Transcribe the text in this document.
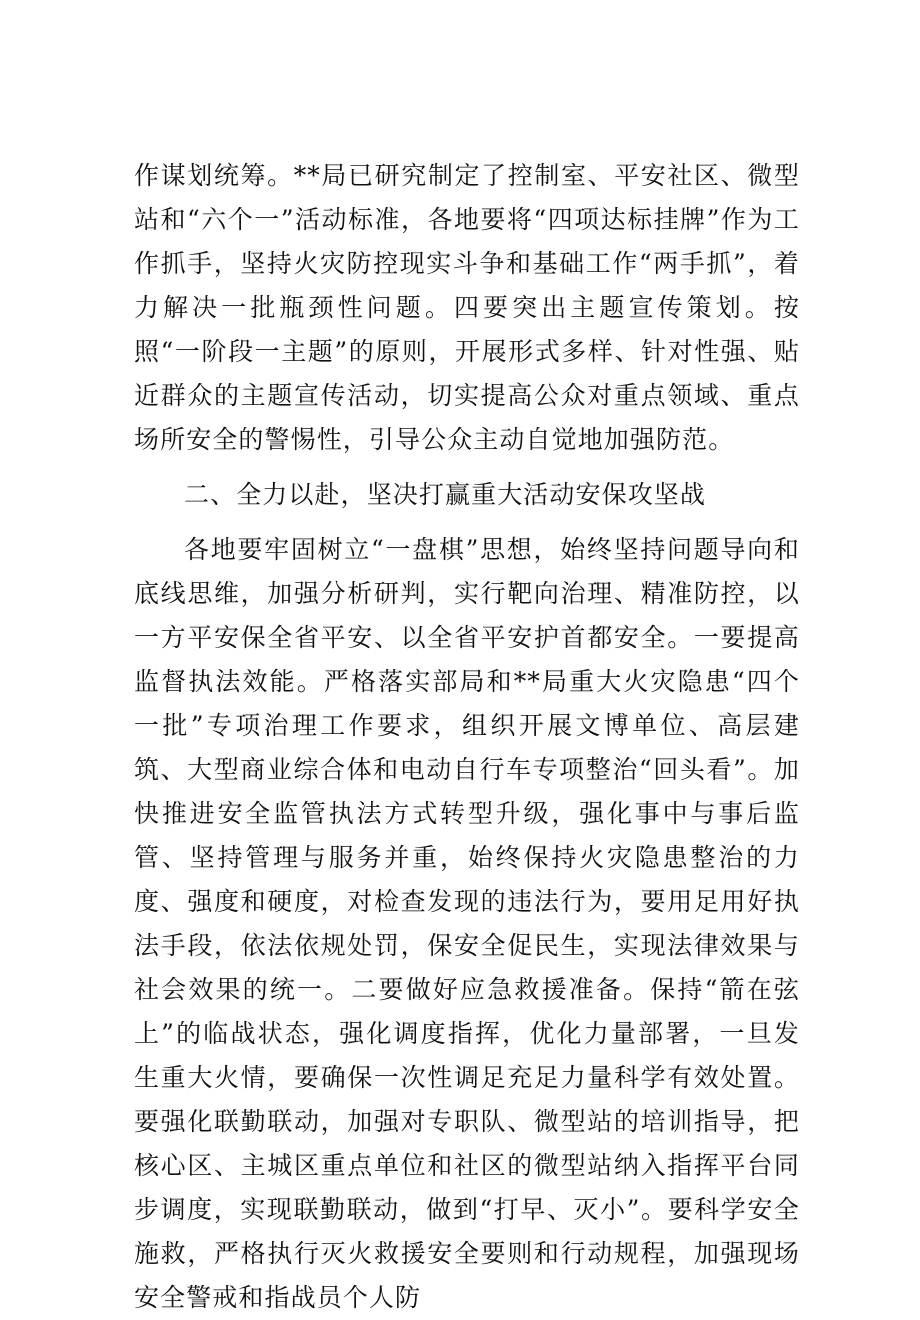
作谋划统筹。**局已研究制定了控制室、平安社区、微型站和“六个一”活动标准，各地要将“四项达标挂牌”作为工作抓手，坚持火灾防控现实斗争和基础工作“两手抓”，着力解决一批瓶颈性问题。四要突出主题宣传策划。按照“一阶段一主题”的原则，开展形式多样、针对性强、贴近群众的主题宣传活动，切实提高公众对重点领域、重点场所安全的警惕性，引导公众主动自觉地加强防范。

二、全力以赴，坚决打赢重大活动安保攻坚战

各地要牢固树立“一盘棋”思想，始终坚持问题导向和底线思维，加强分析研判，实行靶向治理、精准防控，以一方平安保全省平安、以全省平安护首都安全。一要提高监督执法效能。严格落实部局和**局重大火灾隐患“四个一批”专项治理工作要求，组织开展文博单位、高层建筑、大型商业综合体和电动自行车专项整治“回头看”。加快推进安全监管执法方式转型升级，强化事中与事后监管、坚持管理与服务并重，始终保持火灾隐患整治的力度、强度和硬度，对检查发现的违法行为，要用足用好执法手段，依法依规处罚，保安全促民生，实现法律效果与社会效果的统一。二要做好应急救援准备。保持“箭在弦上”的临战状态，强化调度指挥，优化力量部署，一旦发生重大火情，要确保一次性调足充足力量科学有效处置。要强化联勤联动，加强对专职队、微型站的培训指导，把核心区、主城区重点单位和社区的微型站纳入指挥平台同步调度，实现联勤联动，做到“打早、灭小”。要科学安全施救，严格执行灭火救援安全要则和行动规程，加强现场安全警戒和指战员个人防
